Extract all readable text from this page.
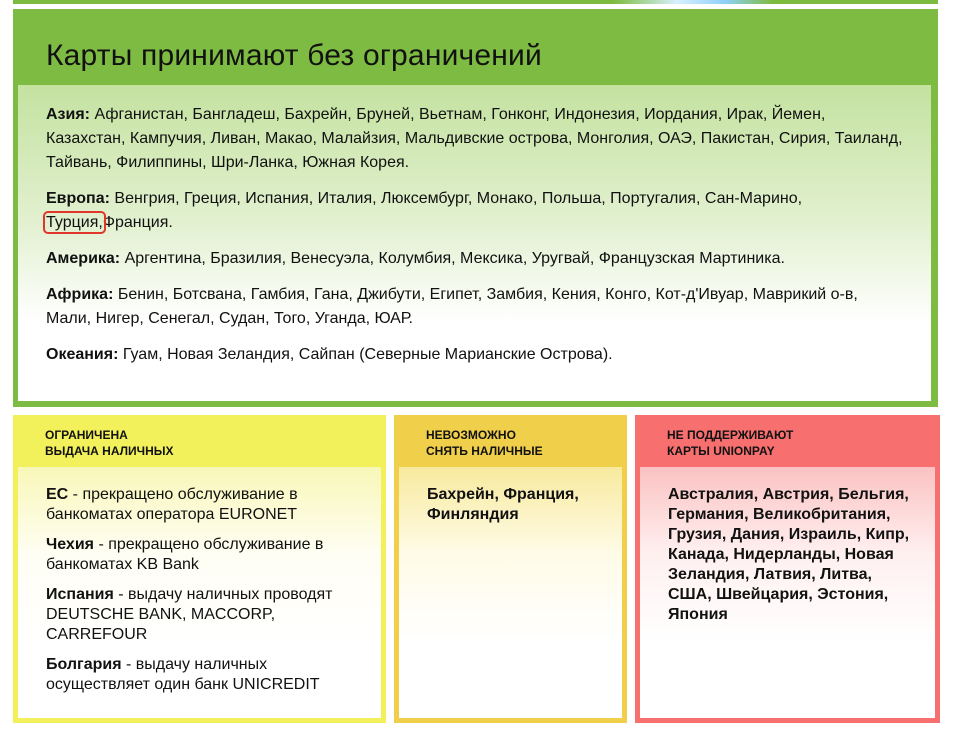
Карты принимают без ограничений

Азия: Афганистан, Бангладеш, Бахрейн, Бруней, Вьетнам, Гонконг, Индонезия, Иордания, Ирак, Йемен, Казахстан, Кампучия, Ливан, Макао, Малайзия, Мальдивские острова, Монголия, ОАЭ, Пакистан, Сирия, Таиланд, Тайвань, Филиппины, Шри-Ланка, Южная Корея.

Европа: Венгрия, Греция, Испания, Италия, Люксембург, Монако, Польша, Португалия, Сан-Марино, Турция,Франция.

Америка: Аргентина, Бразилия, Венесуэла, Колумбия, Мексика, Уругвай, Французская Мартиника.

Африка: Бенин, Ботсвана, Гамбия, Гана, Джибути, Египет, Замбия, Кения, Конго, Кот-д'Ивуар, Маврикий о-в, Мали, Нигер, Сенегал, Судан, Того, Уганда, ЮАР.

Океания: Гуам, Новая Зеландия, Сайпан (Северные Марианские Острова).

ОГРАНИЧЕНА
ВЫДАЧА НАЛИЧНЫХ

ЕС - прекращено обслуживание в банкоматах оператора EURONET

Чехия - прекращено обслуживание в банкоматах KB Bank

Испания - выдачу наличных проводят DEUTSCHE BANK, MACCORP, CARREFOUR

Болгария - выдачу наличных осуществляет один банк UNICREDIT

НЕВОЗМОЖНО
СНЯТЬ НАЛИЧНЫЕ

Бахрейн, Франция, Финляндия

НЕ ПОДДЕРЖИВАЮТ
КАРТЫ UNIONPAY

Австралия, Австрия, Бельгия, Германия, Великобритания, Грузия, Дания, Израиль, Кипр, Канада, Нидерланды, Новая Зеландия, Латвия, Литва, США, Швейцария, Эстония, Япония
